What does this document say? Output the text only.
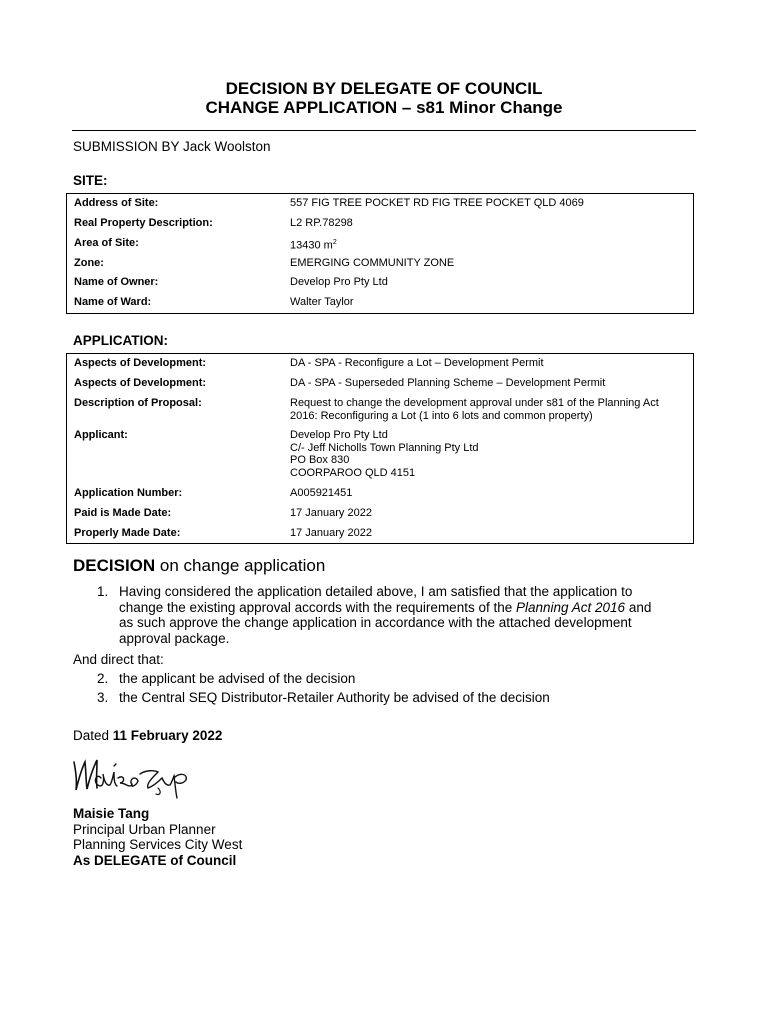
DECISION BY DELEGATE OF COUNCIL
CHANGE APPLICATION – s81 Minor Change
SUBMISSION BY Jack Woolston
SITE:
Address of Site:	557 FIG TREE POCKET RD FIG TREE POCKET QLD 4069
Real Property Description:	L2 RP.78298
Area of Site:	13430 $m^2$
Zone:	EMERGING COMMUNITY ZONE
Name of Owner:	Develop Pro Pty Ltd
Name of Ward:	Walter Taylor
APPLICATION:
Aspects of Development:	DA - SPA - Reconfigure a Lot – Development Permit
Aspects of Development:	DA - SPA - Superseded Planning Scheme – Development Permit
Description of Proposal:	Request to change the development approval under s81 of the Planning Act
2016: Reconfiguring a Lot (1 into 6 lots and common property)
Applicant:	Develop Pro Pty Ltd
C/- Jeff Nicholls Town Planning Pty Ltd
PO Box 830
COORPAROO QLD 4151
Application Number:	A005921451
Paid is Made Date:	17 January 2022
Properly Made Date:	17 January 2022
DECISION on change application
1. Having considered the application detailed above, I am satisfied that the application to
change the existing approval accords with the requirements of the Planning Act 2016 and
as such approve the change application in accordance with the attached development
approval package.
And direct that:
2. the applicant be advised of the decision
3. the Central SEQ Distributor-Retailer Authority be advised of the decision
Dated 11 February 2022
Maisie Tang
Principal Urban Planner
Planning Services City West
As DELEGATE of Council
